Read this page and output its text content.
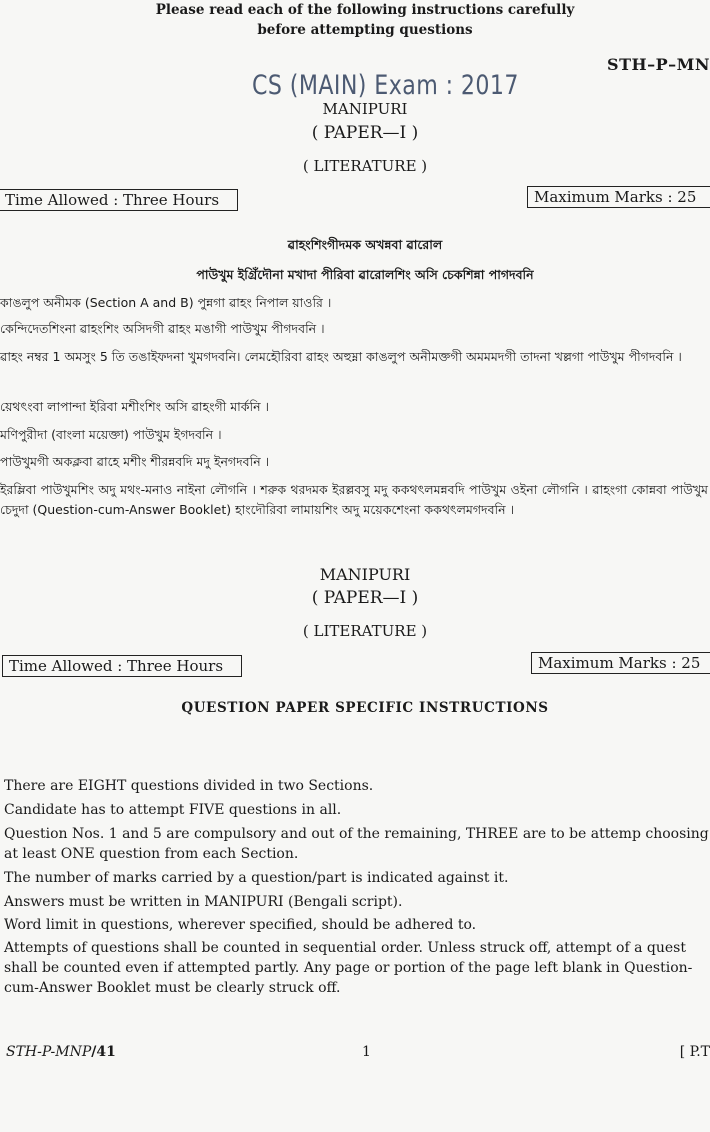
STH–P–MN
CS (MAIN) Exam : 2017
MANIPURI
( PAPER—I )
( LITERATURE )
Time Allowed : Three Hours	Maximum Marks : 25
ৱাহংশিংগীদমক অখন্নবা ৱারোল
পাউখুম ইগ্রিঁদৌনা মখাদা পীরিবা ৱারোলশিং অসি চেকশিন্না পাগদবনি
কাঙলুপ অনীমক (Section A and B) পুন্নগা ৱাহং নিপাল য়াওরি ।
কেন্দিদেতশিংনা ৱাহংশিং অসিদগী ৱাহং মঙাগী পাউখুম পীগদবনি ।
ৱাহং নম্বর 1 অমসুং 5 তি তঙাইফদনা খুমগদবনি। লেমহৌরিবা ৱাহং অহুম্না কাঙলুপ অনীমক্তগী অমমমদগী তাদনা খল্লগা পাউখুম পীগদবনি ।
য়েথৎংবা লাপান্দা ইরিবা মশীংশিং অসি ৱাহংগী মার্কনি ।
মণিপুরীদা (বাংলা ময়েক্তা) পাউখুম ইগদবনি ।
পাউখুমগী অকক্লবা ৱাহে মশীং শীরন্নবদি মদু ইনগদবনি ।
ইরম্লিবা পাউখুমশিং অদু মথং-মনাও নাইনা লৌগনি । শরুক থরদমক ইরল্লবসু মদু ককথৎলমন্নবদি পাউখুম ওইনা লৌগনি । ৱাহংগা কোন্নবা পাউখুম চেদুদা (Question-cum-Answer Booklet) হাংদৌরিবা লামায়শিং অদু ময়েকশেংনা ককথৎলমগদবনি ।
MANIPURI
( PAPER—I )
( LITERATURE )
Time Allowed : Three Hours	Maximum Marks : 25
QUESTION PAPER SPECIFIC INSTRUCTIONS
Please read each of the following instructions carefully
before attempting questions
There are EIGHT questions divided in two Sections.
Candidate has to attempt FIVE questions in all.
Question Nos. 1 and 5 are compulsory and out of the remaining, THREE are to be attemp choosing at least ONE question from each Section.
The number of marks carried by a question/part is indicated against it.
Answers must be written in MANIPURI (Bengali script).
Word limit in questions, wherever specified, should be adhered to.
Attempts of questions shall be counted in sequential order. Unless struck off, attempt of a quest shall be counted even if attempted partly. Any page or portion of the page left blank in Question-cum-Answer Booklet must be clearly struck off.
STH-P-MNP/41	1	[ P.T
